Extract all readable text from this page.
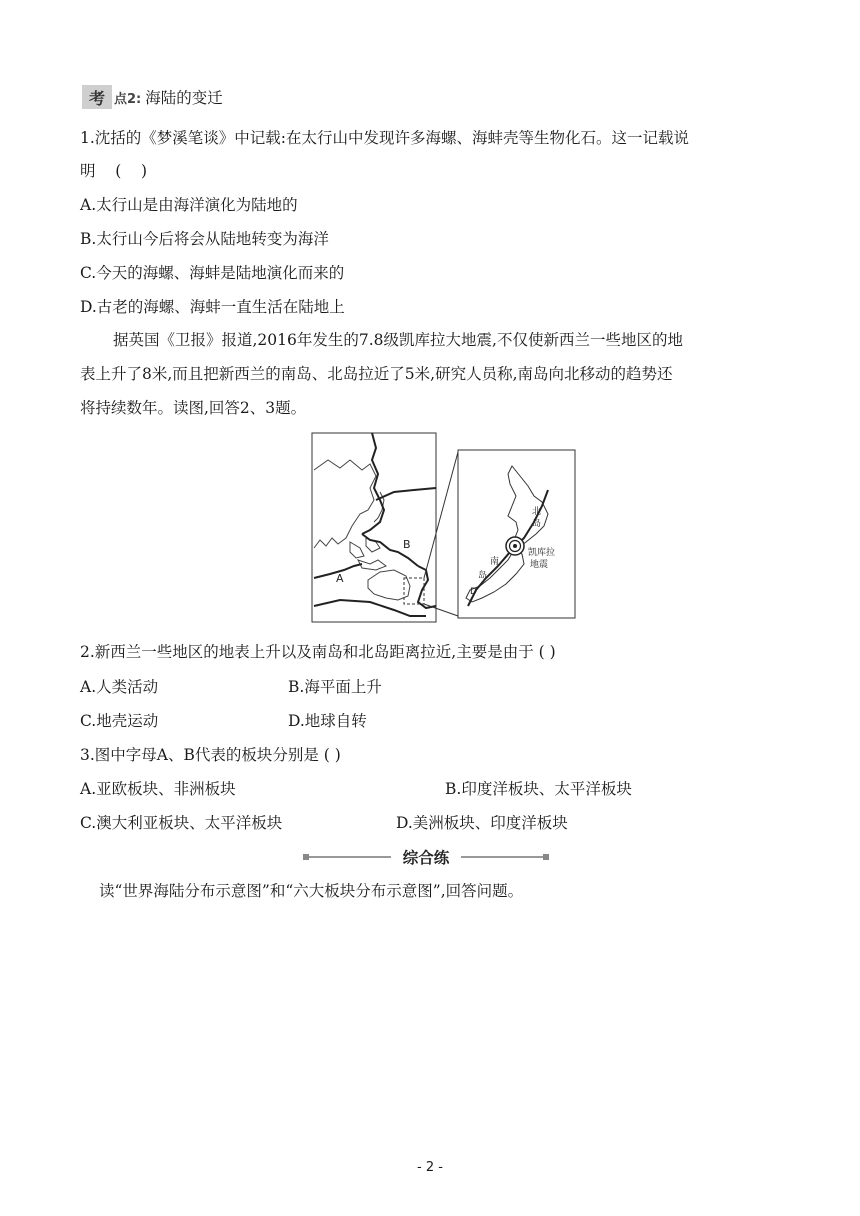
考 点2: 海陆的变迁
1.沈括的《梦溪笔谈》中记载:在太行山中发现许多海螺、海蚌壳等生物化石。这一记载说
明    (    )
A.太行山是由海洋演化为陆地的
B.太行山今后将会从陆地转变为海洋
C.今天的海螺、海蚌是陆地演化而来的
D.古老的海螺、海蚌一直生活在陆地上
据英国《卫报》报道,2016年发生的7.8级凯库拉大地震,不仅使新西兰一些地区的地
表上升了8米,而且把新西兰的南岛、北岛拉近了5米,研究人员称,南岛向北移动的趋势还
将持续数年。读图,回答2、3题。
A
B
北
岛
南
岛
凯库拉
地震
D
2.新西兰一些地区的地表上升以及南岛和北岛距离拉近,主要是由于 ( )
A.人类活动	B.海平面上升
C.地壳运动	D.地球自转
3.图中字母A、B代表的板块分别是 ( )
A.亚欧板块、非洲板块	B.印度洋板块、太平洋板块
C.澳大利亚板块、太平洋板块	D.美洲板块、印度洋板块
综合练
读“世界海陆分布示意图”和“六大板块分布示意图”,回答问题。
- 2 -
